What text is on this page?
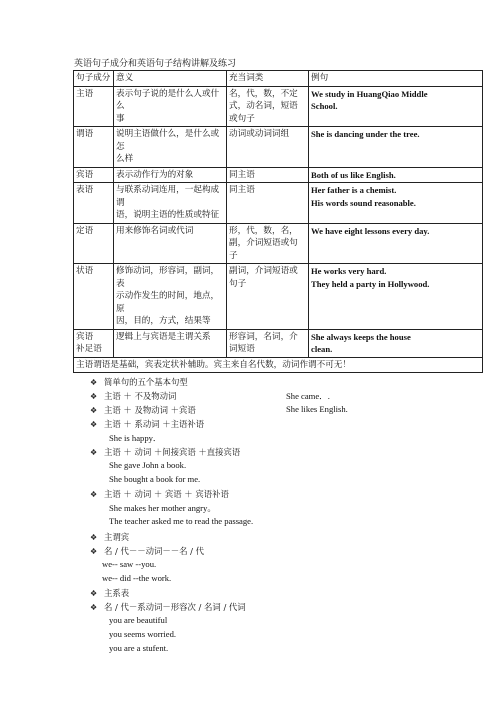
英语句子成分和英语句子结构讲解及练习
句子成分	意义	充当词类	例句
主语	表示句子说的是什么人或什么
事	名，代，数，不定式，动名词，短语或句子	We study in HuangQiao Middle
School.
谓语	说明主语做什么，是什么或怎
么样	动词或动词词组	She is dancing under the tree.
宾语	表示动作行为的对象	同主语	Both of us like English.
表语	与联系动词连用，一起构成谓
语，说明主语的性质或特征	同主语	Her father is a chemist.
His words sound reasonable.
定语	用来修饰名词或代词	形，代，数，名，副，介词短语或句子	We have eight lessons every day.
状语	修饰动词，形容词，副词，表
示动作发生的时间，地点，原
因，目的，方式，结果等	副词，介词短语或句子	He works very hard.
They held a party in Hollywood.
宾语
补足语	逻辑上与宾语是主谓关系	形容词，名词，介词短语	She always keeps the house
clean.
主语谓语是基础，宾表定状补辅助。宾主来自名代数，动词作谓不可无！			
❖ 简单句的五个基本句型
❖ 主语 ＋ 不及物动词	She came．.
❖ 主语 ＋ 及物动词 ＋宾语	She likes English.
❖ 主语 ＋ 系动词 ＋主语补语
She is happy．
❖ 主语 ＋ 动词 ＋间接宾语 ＋直接宾语
She gave John a book.
She bought a book for me.
❖ 主语 ＋ 动词 ＋ 宾语 ＋ 宾语补语
She makes her mother angry。
The teacher asked me to read the passage.
❖ 主谓宾
❖ 名 / 代－－动词－－名 / 代
we-- saw --you.
we-- did --the work.
❖ 主系表
❖ 名 / 代－系动词－形容次 / 名词 / 代词
you are beautiful
you seems worried.
you are a stufent.
